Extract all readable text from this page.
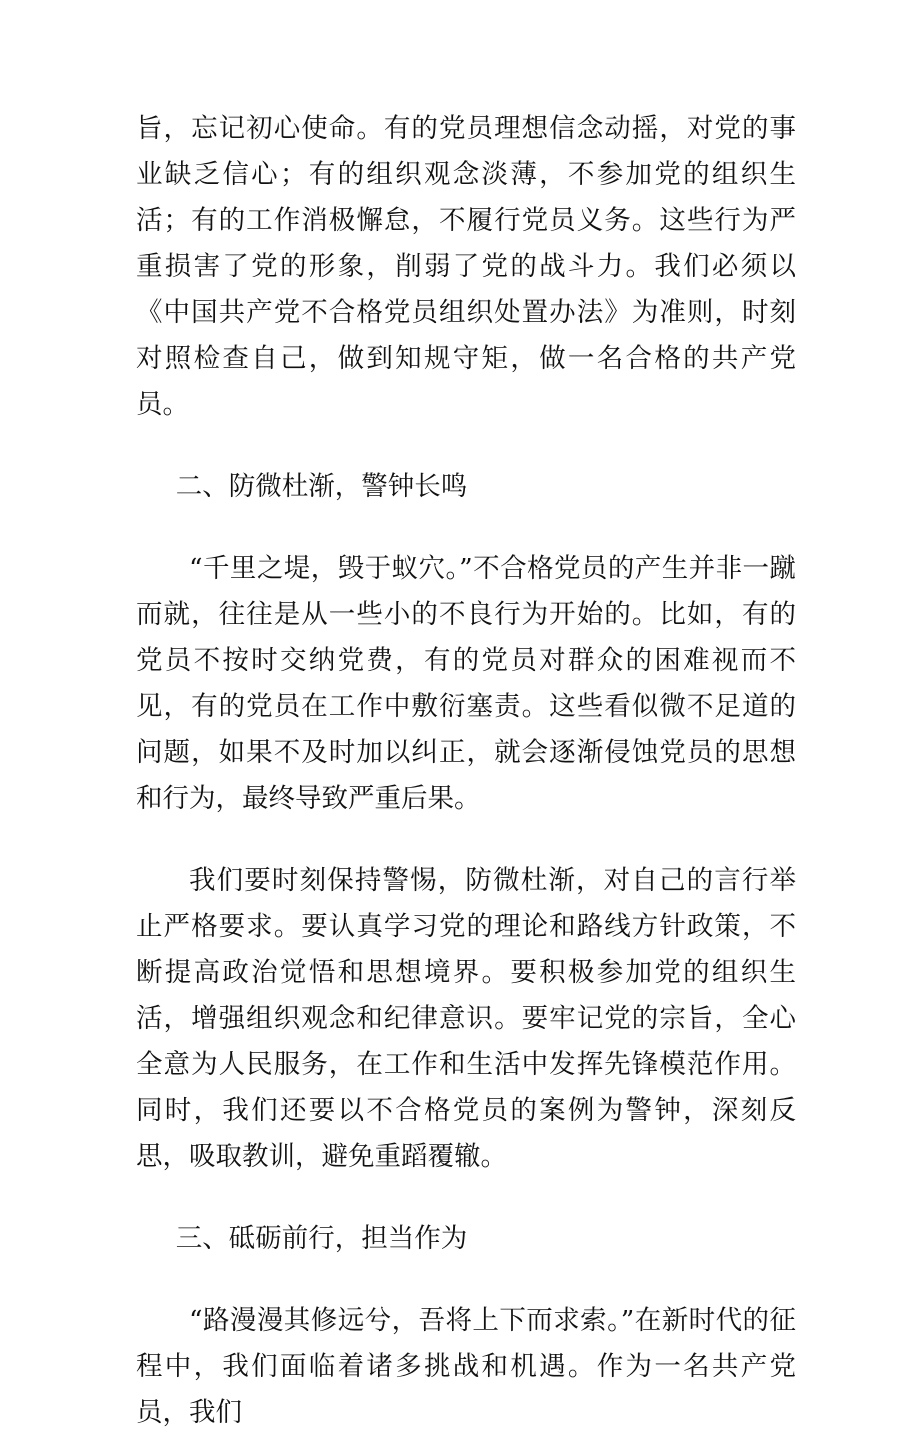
旨，忘记初心使命。有的党员理想信念动摇，对党的事业缺乏信心；有的组织观念淡薄，不参加党的组织生活；有的工作消极懈怠，不履行党员义务。这些行为严重损害了党的形象，削弱了党的战斗力。我们必须以《中国共产党不合格党员组织处置办法》为准则，时刻对照检查自己，做到知规守矩，做一名合格的共产党员。

二、防微杜渐，警钟长鸣

“千里之堤，毁于蚁穴。”不合格党员的产生并非一蹴而就，往往是从一些小的不良行为开始的。比如，有的党员不按时交纳党费，有的党员对群众的困难视而不见，有的党员在工作中敷衍塞责。这些看似微不足道的问题，如果不及时加以纠正，就会逐渐侵蚀党员的思想和行为，最终导致严重后果。

我们要时刻保持警惕，防微杜渐，对自己的言行举止严格要求。要认真学习党的理论和路线方针政策，不断提高政治觉悟和思想境界。要积极参加党的组织生活，增强组织观念和纪律意识。要牢记党的宗旨，全心全意为人民服务，在工作和生活中发挥先锋模范作用。同时，我们还要以不合格党员的案例为警钟，深刻反思，吸取教训，避免重蹈覆辙。

三、砥砺前行，担当作为

“路漫漫其修远兮，吾将上下而求索。”在新时代的征程中，我们面临着诸多挑战和机遇。作为一名共产党员，我们
